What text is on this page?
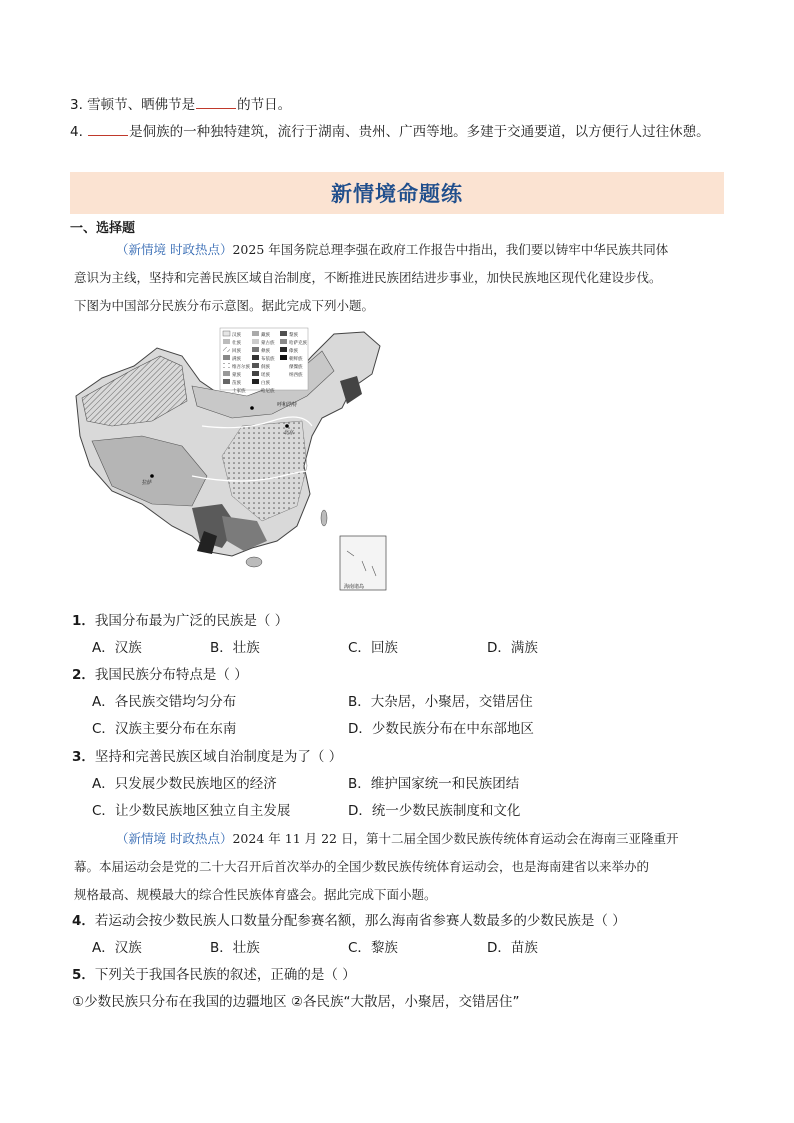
3. 雪顿节、晒佛节是	的节日。
4.	是侗族的一种独特建筑，流行于湖南、贵州、广西等地。多建于交通要道，以方便行人过往休憩。
新情境命题练
一、选择题
（新情境 时政热点）2025 年国务院总理李强在政府工作报告中指出，我们要以铸牢中华民族共同体
意识为主线，坚持和完善民族区域自治制度，不断推进民族团结进步事业，加快民族地区现代化建设步伐。
下图为中国部分民族分布示意图。据此完成下列小题。
汉族
壮族
回族
满族
维吾尔族
蒙族
苗族
土家族
藏族
蒙古族
彝族
布依族
侗族
瑶族
白族
哈尼族
黎族
哈萨克族
傣族
朝鲜族
傈僳族
纳西族
呼和浩特
北京
拉萨
海南诸岛
1．我国分布最为广泛的民族是（ ）
A．汉族	B．壮族	C．回族	D．满族
2．我国民族分布特点是（ ）
A．各民族交错均匀分布	B．大杂居，小聚居，交错居住
C．汉族主要分布在东南	D．少数民族分布在中东部地区
3．坚持和完善民族区域自治制度是为了（ ）
A．只发展少数民族地区的经济	B．维护国家统一和民族团结
C．让少数民族地区独立自主发展	D．统一少数民族制度和文化
（新情境 时政热点）2024 年 11 月 22 日，第十二届全国少数民族传统体育运动会在海南三亚隆重开
幕。本届运动会是党的二十大召开后首次举办的全国少数民族传统体育运动会，也是海南建省以来举办的
规格最高、规模最大的综合性民族体育盛会。据此完成下面小题。
4．若运动会按少数民族人口数量分配参赛名额，那么海南省参赛人数最多的少数民族是（ ）
A．汉族	B．壮族	C．黎族	D．苗族
5．下列关于我国各民族的叙述，正确的是（ ）
①少数民族只分布在我国的边疆地区 ②各民族“大散居，小聚居，交错居住”
